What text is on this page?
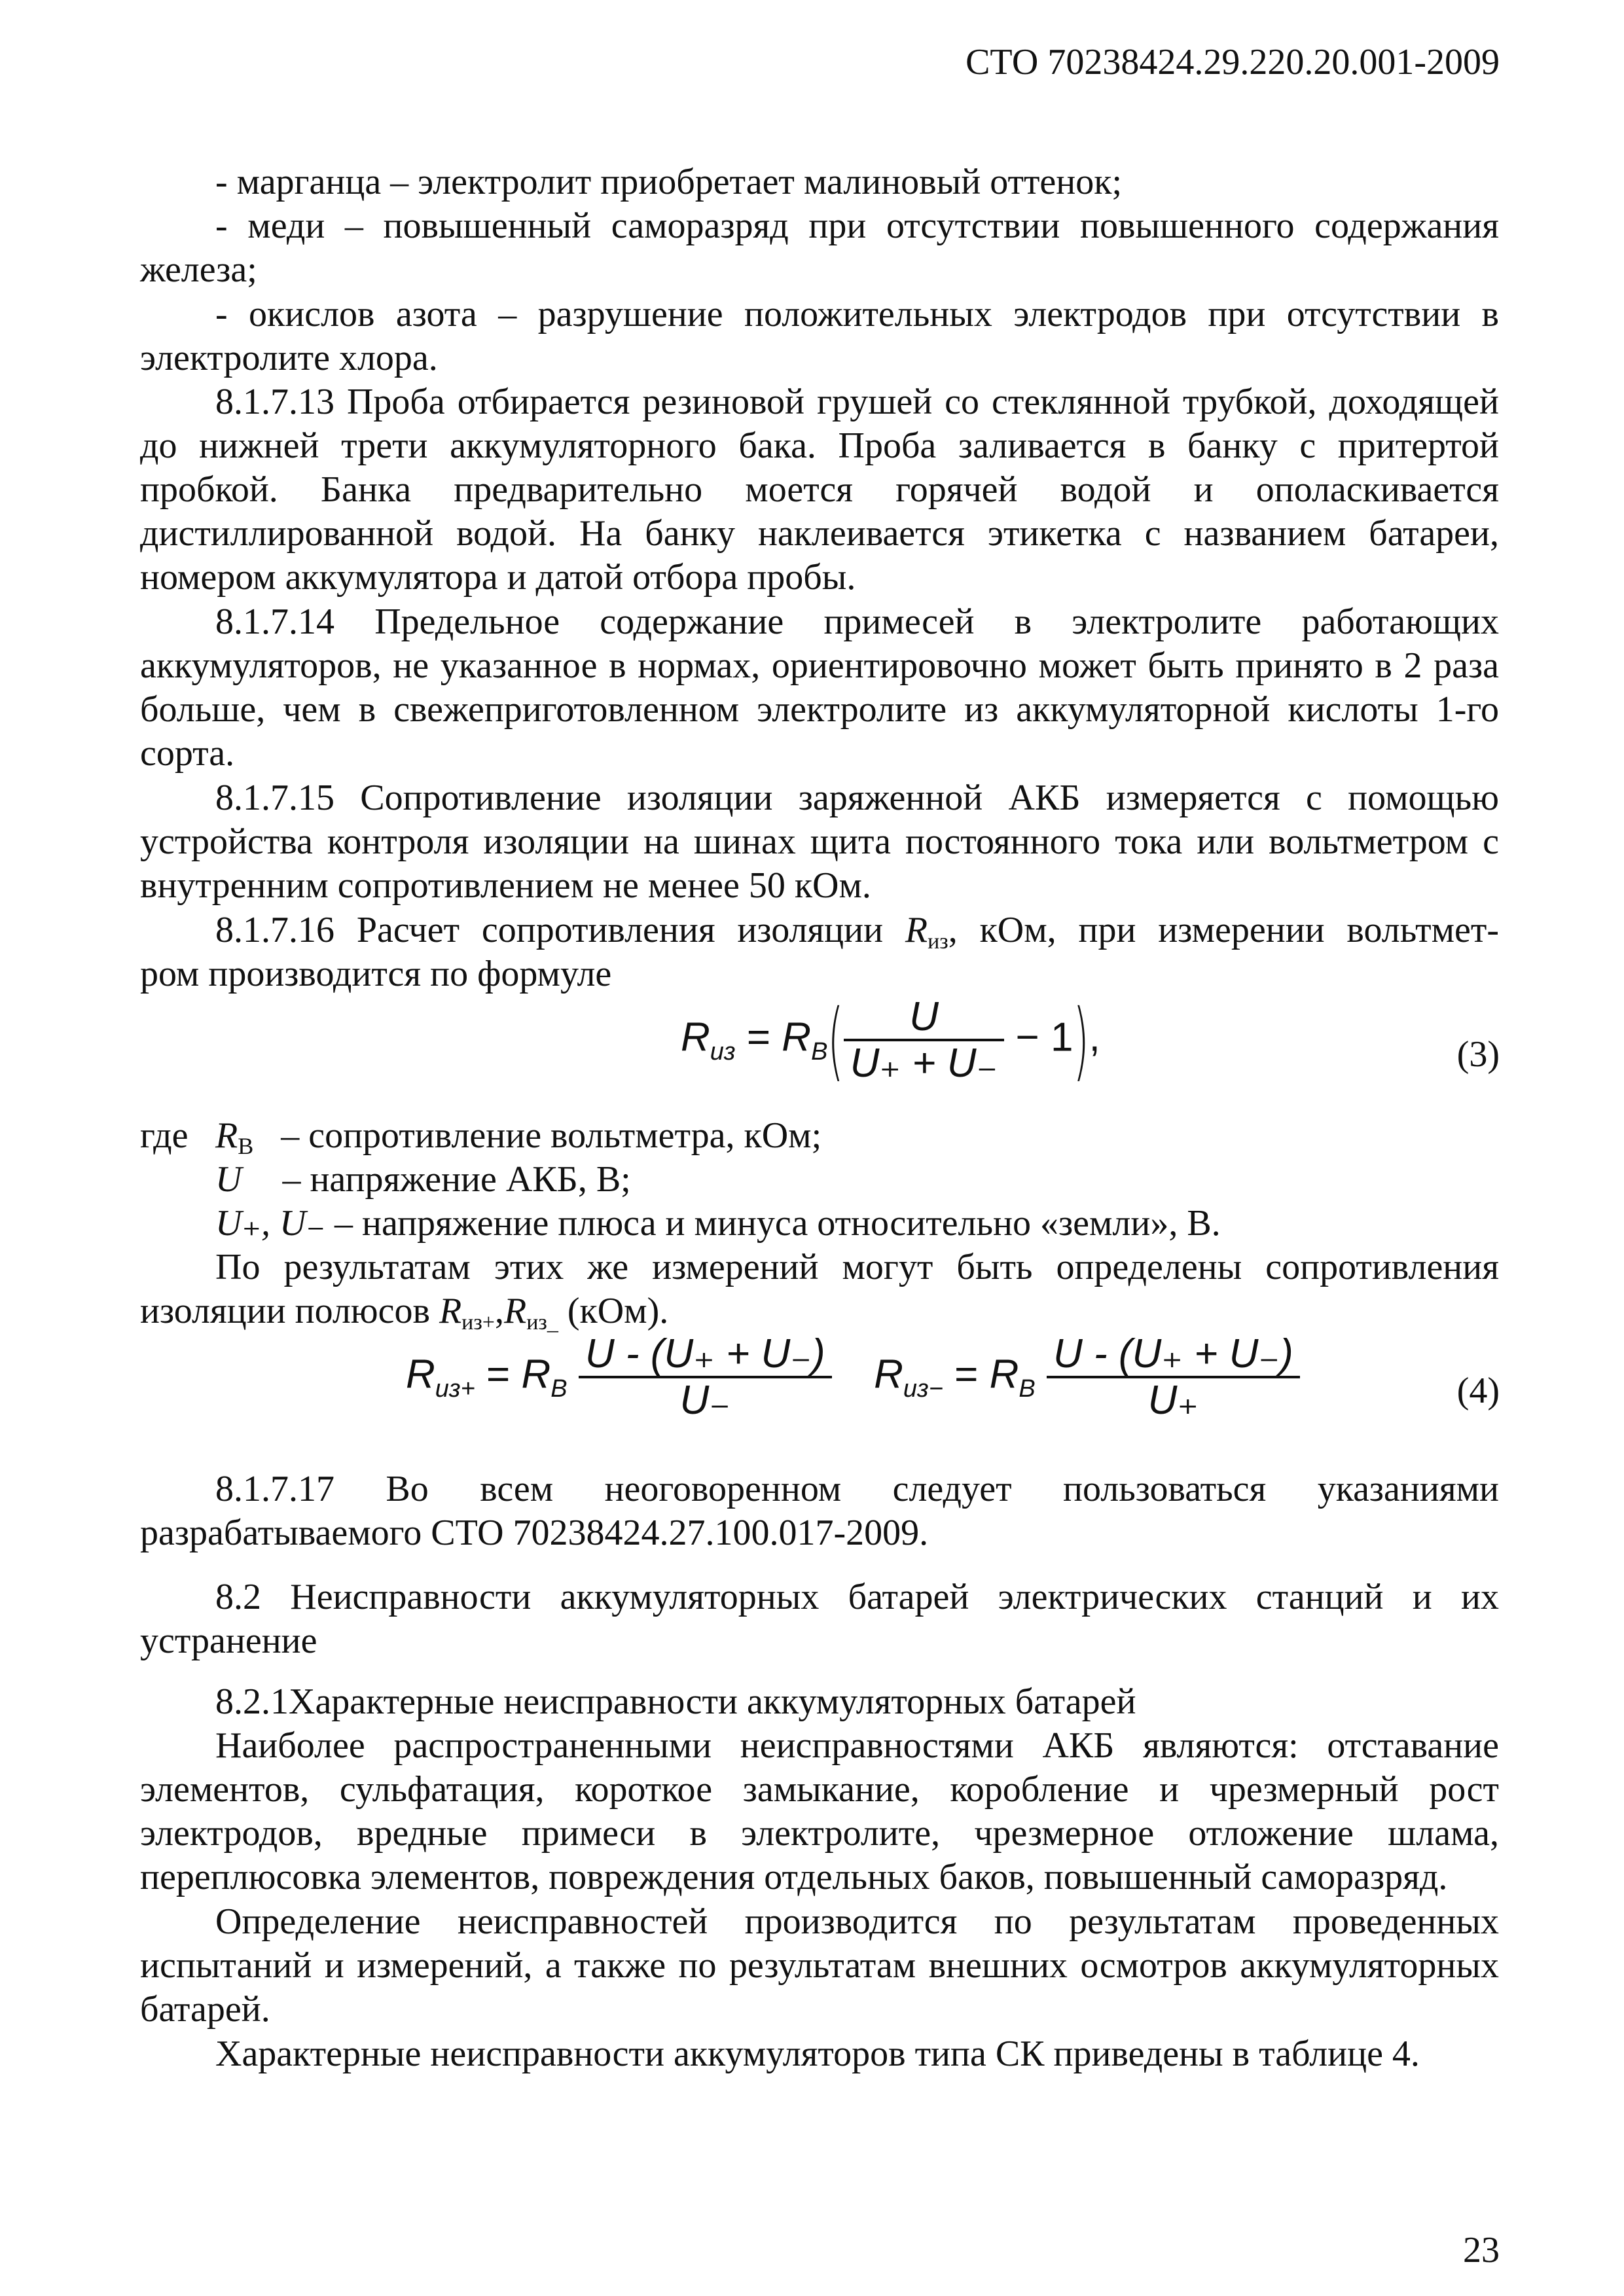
СТО 70238424.29.220.20.001-2009
- марганца – электролит приобретает малиновый оттенок;
- меди – повышенный саморазряд при отсутствии повышенного содержания железа;
- окислов азота – разрушение положительных электродов при отсутствии в электролите хлора.
8.1.7.13 Проба отбирается резиновой грушей со стеклянной трубкой, доходящей до нижней трети аккумуляторного бака. Проба заливается в банку с притертой пробкой. Банка предварительно моется горячей водой и ополаскивается дистиллированной водой. На банку наклеивается этикетка с названием батареи, номером аккумулятора и датой отбора пробы.
8.1.7.14 Предельное содержание примесей в электролите работающих аккумуляторов, не указанное в нормах, ориентировочно может быть принято в 2 раза больше, чем в свежеприготовленном электролите из аккумуляторной кислоты 1-го сорта.
8.1.7.15 Сопротивление изоляции заряженной АКБ измеряется с помощью устройства контроля изоляции на шинах щита постоянного тока или вольтметром с внутренним сопротивлением не менее 50 кОм.
8.1.7.16 Расчет сопротивления изоляции Rиз, кОм, при измерении вольтмет-
ром производится по формуле
$R_{из} = R_В( \frac{U}{U_+ + U_-} - 1)$,	(3)
где RВ – сопротивление вольтметра, кОм;
U – напряжение АКБ, В;
U₊, U₋ – напряжение плюса и минуса относительно «земли», В.
По результатам этих же измерений могут быть определены сопротивления
изоляции полюсов Rиз+,Rиз_ (кОм).
$R_{из+} = R_В \frac{U - (U_+ + U_-)}{U_-} R_{из-} = R_В \frac{U - (U_+ + U_-)}{U_+}$	(4)
8.1.7.17 Во всем неоговоренном следует пользоваться указаниями разрабатываемого СТО 70238424.27.100.017-2009.
8.2 Неисправности аккумуляторных батарей электрических станций и их устранение
8.2.1Характерные неисправности аккумуляторных батарей
Наиболее распространенными неисправностями АКБ являются: отставание элементов, сульфатация, короткое замыкание, коробление и чрезмерный рост электродов, вредные примеси в электролите, чрезмерное отложение шлама, переплюсовка элементов, повреждения отдельных баков, повышенный саморазряд.
Определение неисправностей производится по результатам проведенных испытаний и измерений, а также по результатам внешних осмотров аккумуляторных батарей.
Характерные неисправности аккумуляторов типа СК приведены в таблице 4.
23
